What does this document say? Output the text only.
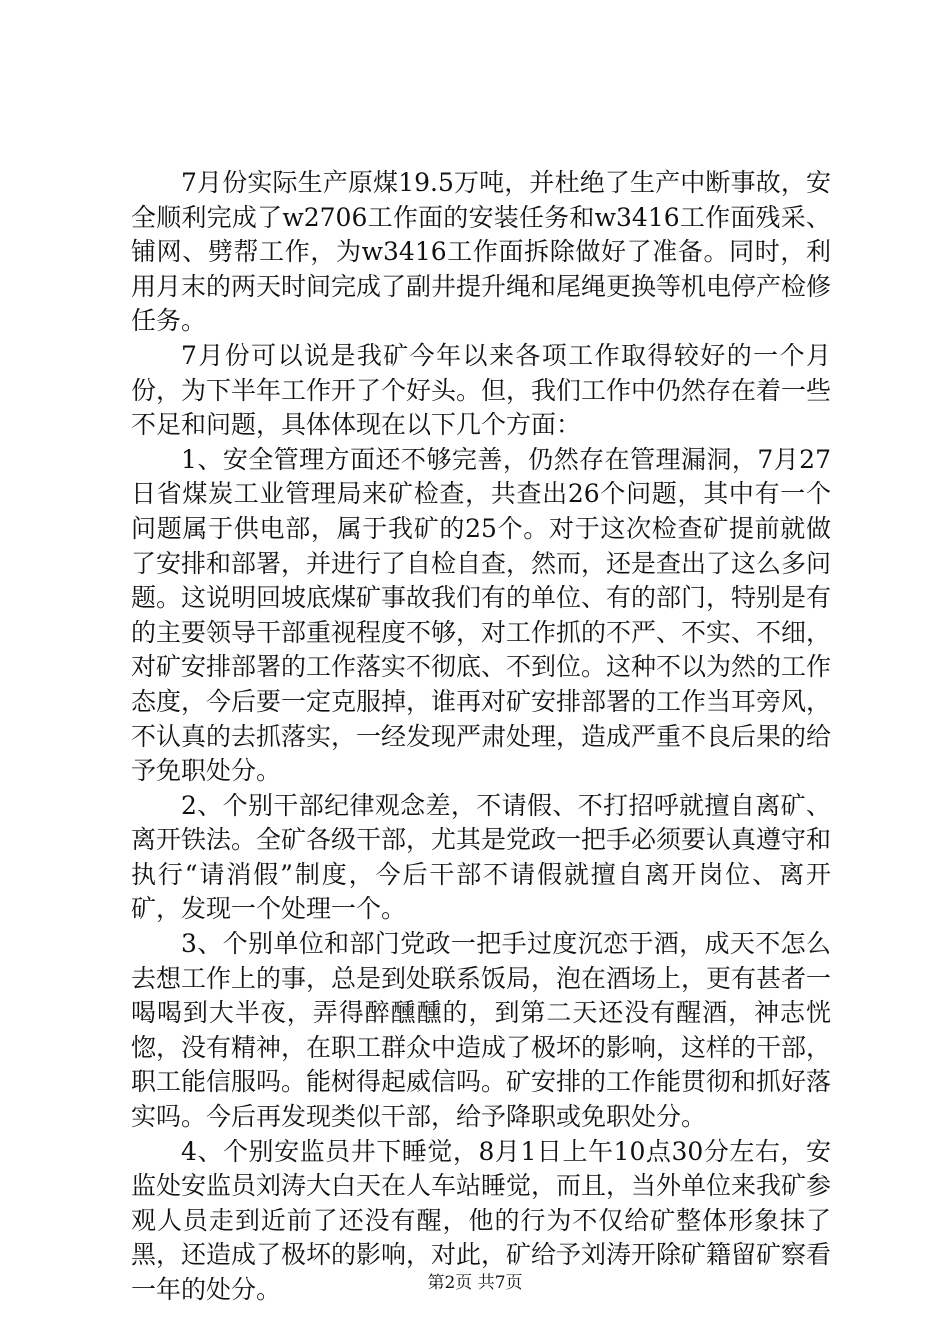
7月份实际生产原煤19.5万吨，并杜绝了生产中断事故，安全顺利完成了w2706工作面的安装任务和w3416工作面残采、铺网、劈帮工作，为w3416工作面拆除做好了准备。同时，利用月末的两天时间完成了副井提升绳和尾绳更换等机电停产检修任务。

7月份可以说是我矿今年以来各项工作取得较好的一个月份，为下半年工作开了个好头。但，我们工作中仍然存在着一些不足和问题，具体体现在以下几个方面：

1、安全管理方面还不够完善，仍然存在管理漏洞，7月27日省煤炭工业管理局来矿检查，共查出26个问题，其中有一个问题属于供电部，属于我矿的25个。对于这次检查矿提前就做了安排和部署，并进行了自检自查，然而，还是查出了这么多问题。这说明回坡底煤矿事故我们有的单位、有的部门，特别是有的主要领导干部重视程度不够，对工作抓的不严、不实、不细，对矿安排部署的工作落实不彻底、不到位。这种不以为然的工作态度，今后要一定克服掉，谁再对矿安排部署的工作当耳旁风，不认真的去抓落实，一经发现严肃处理，造成严重不良后果的给予免职处分。

2、个别干部纪律观念差，不请假、不打招呼就擅自离矿、离开铁法。全矿各级干部，尤其是党政一把手必须要认真遵守和执行“请消假”制度，今后干部不请假就擅自离开岗位、离开矿，发现一个处理一个。

3、个别单位和部门党政一把手过度沉恋于酒，成天不怎么去想工作上的事，总是到处联系饭局，泡在酒场上，更有甚者一喝喝到大半夜，弄得醉醺醺的，到第二天还没有醒酒，神志恍惚，没有精神，在职工群众中造成了极坏的影响，这样的干部，职工能信服吗。能树得起威信吗。矿安排的工作能贯彻和抓好落实吗。今后再发现类似干部，给予降职或免职处分。

4、个别安监员井下睡觉，8月1日上午10点30分左右，安监处安监员刘涛大白天在人车站睡觉，而且，当外单位来我矿参观人员走到近前了还没有醒，他的行为不仅给矿整体形象抹了黑，还造成了极坏的影响，对此，矿给予刘涛开除矿籍留矿察看一年的处分。	第2页 共7页
